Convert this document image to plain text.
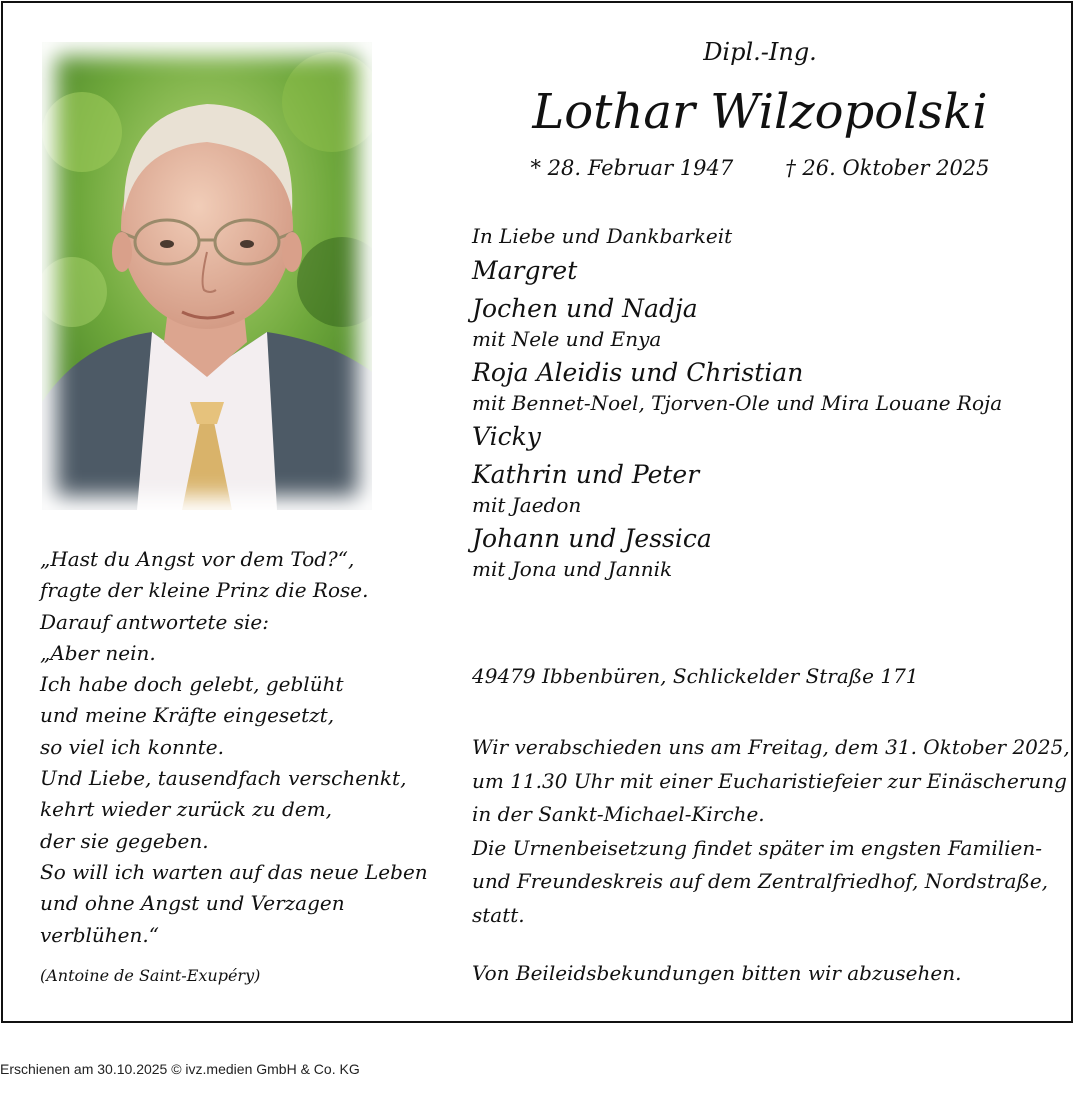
Dipl.-Ing.
Lothar Wilzopolski
* 28. Februar 1947 † 26. Oktober 2025
In Liebe und Dankbarkeit
Margret
Jochen und Nadja
mit Nele und Enya
Roja Aleidis und Christian
mit Bennet-Noel, Tjorven-Ole und Mira Louane Roja
Vicky
Kathrin und Peter
mit Jaedon
Johann und Jessica
mit Jona und Jannik
49479 Ibbenbüren, Schlickelder Straße 171
Wir verabschieden uns am Freitag, dem 31. Oktober 2025,
um 11.30 Uhr mit einer Eucharistiefeier zur Einäscherung
in der Sankt-Michael-Kirche.
Die Urnenbeisetzung findet später im engsten Familien-
und Freundeskreis auf dem Zentralfriedhof, Nordstraße,
statt.
Von Beileidsbekundungen bitten wir abzusehen.
„Hast du Angst vor dem Tod?“,
fragte der kleine Prinz die Rose.
Darauf antwortete sie:
„Aber nein.
Ich habe doch gelebt, geblüht
und meine Kräfte eingesetzt,
so viel ich konnte.
Und Liebe, tausendfach verschenkt,
kehrt wieder zurück zu dem,
der sie gegeben.
So will ich warten auf das neue Leben
und ohne Angst und Verzagen
verblühen.“
(Antoine de Saint-Exupéry)
Erschienen am 30.10.2025 © ivz.medien GmbH & Co. KG
